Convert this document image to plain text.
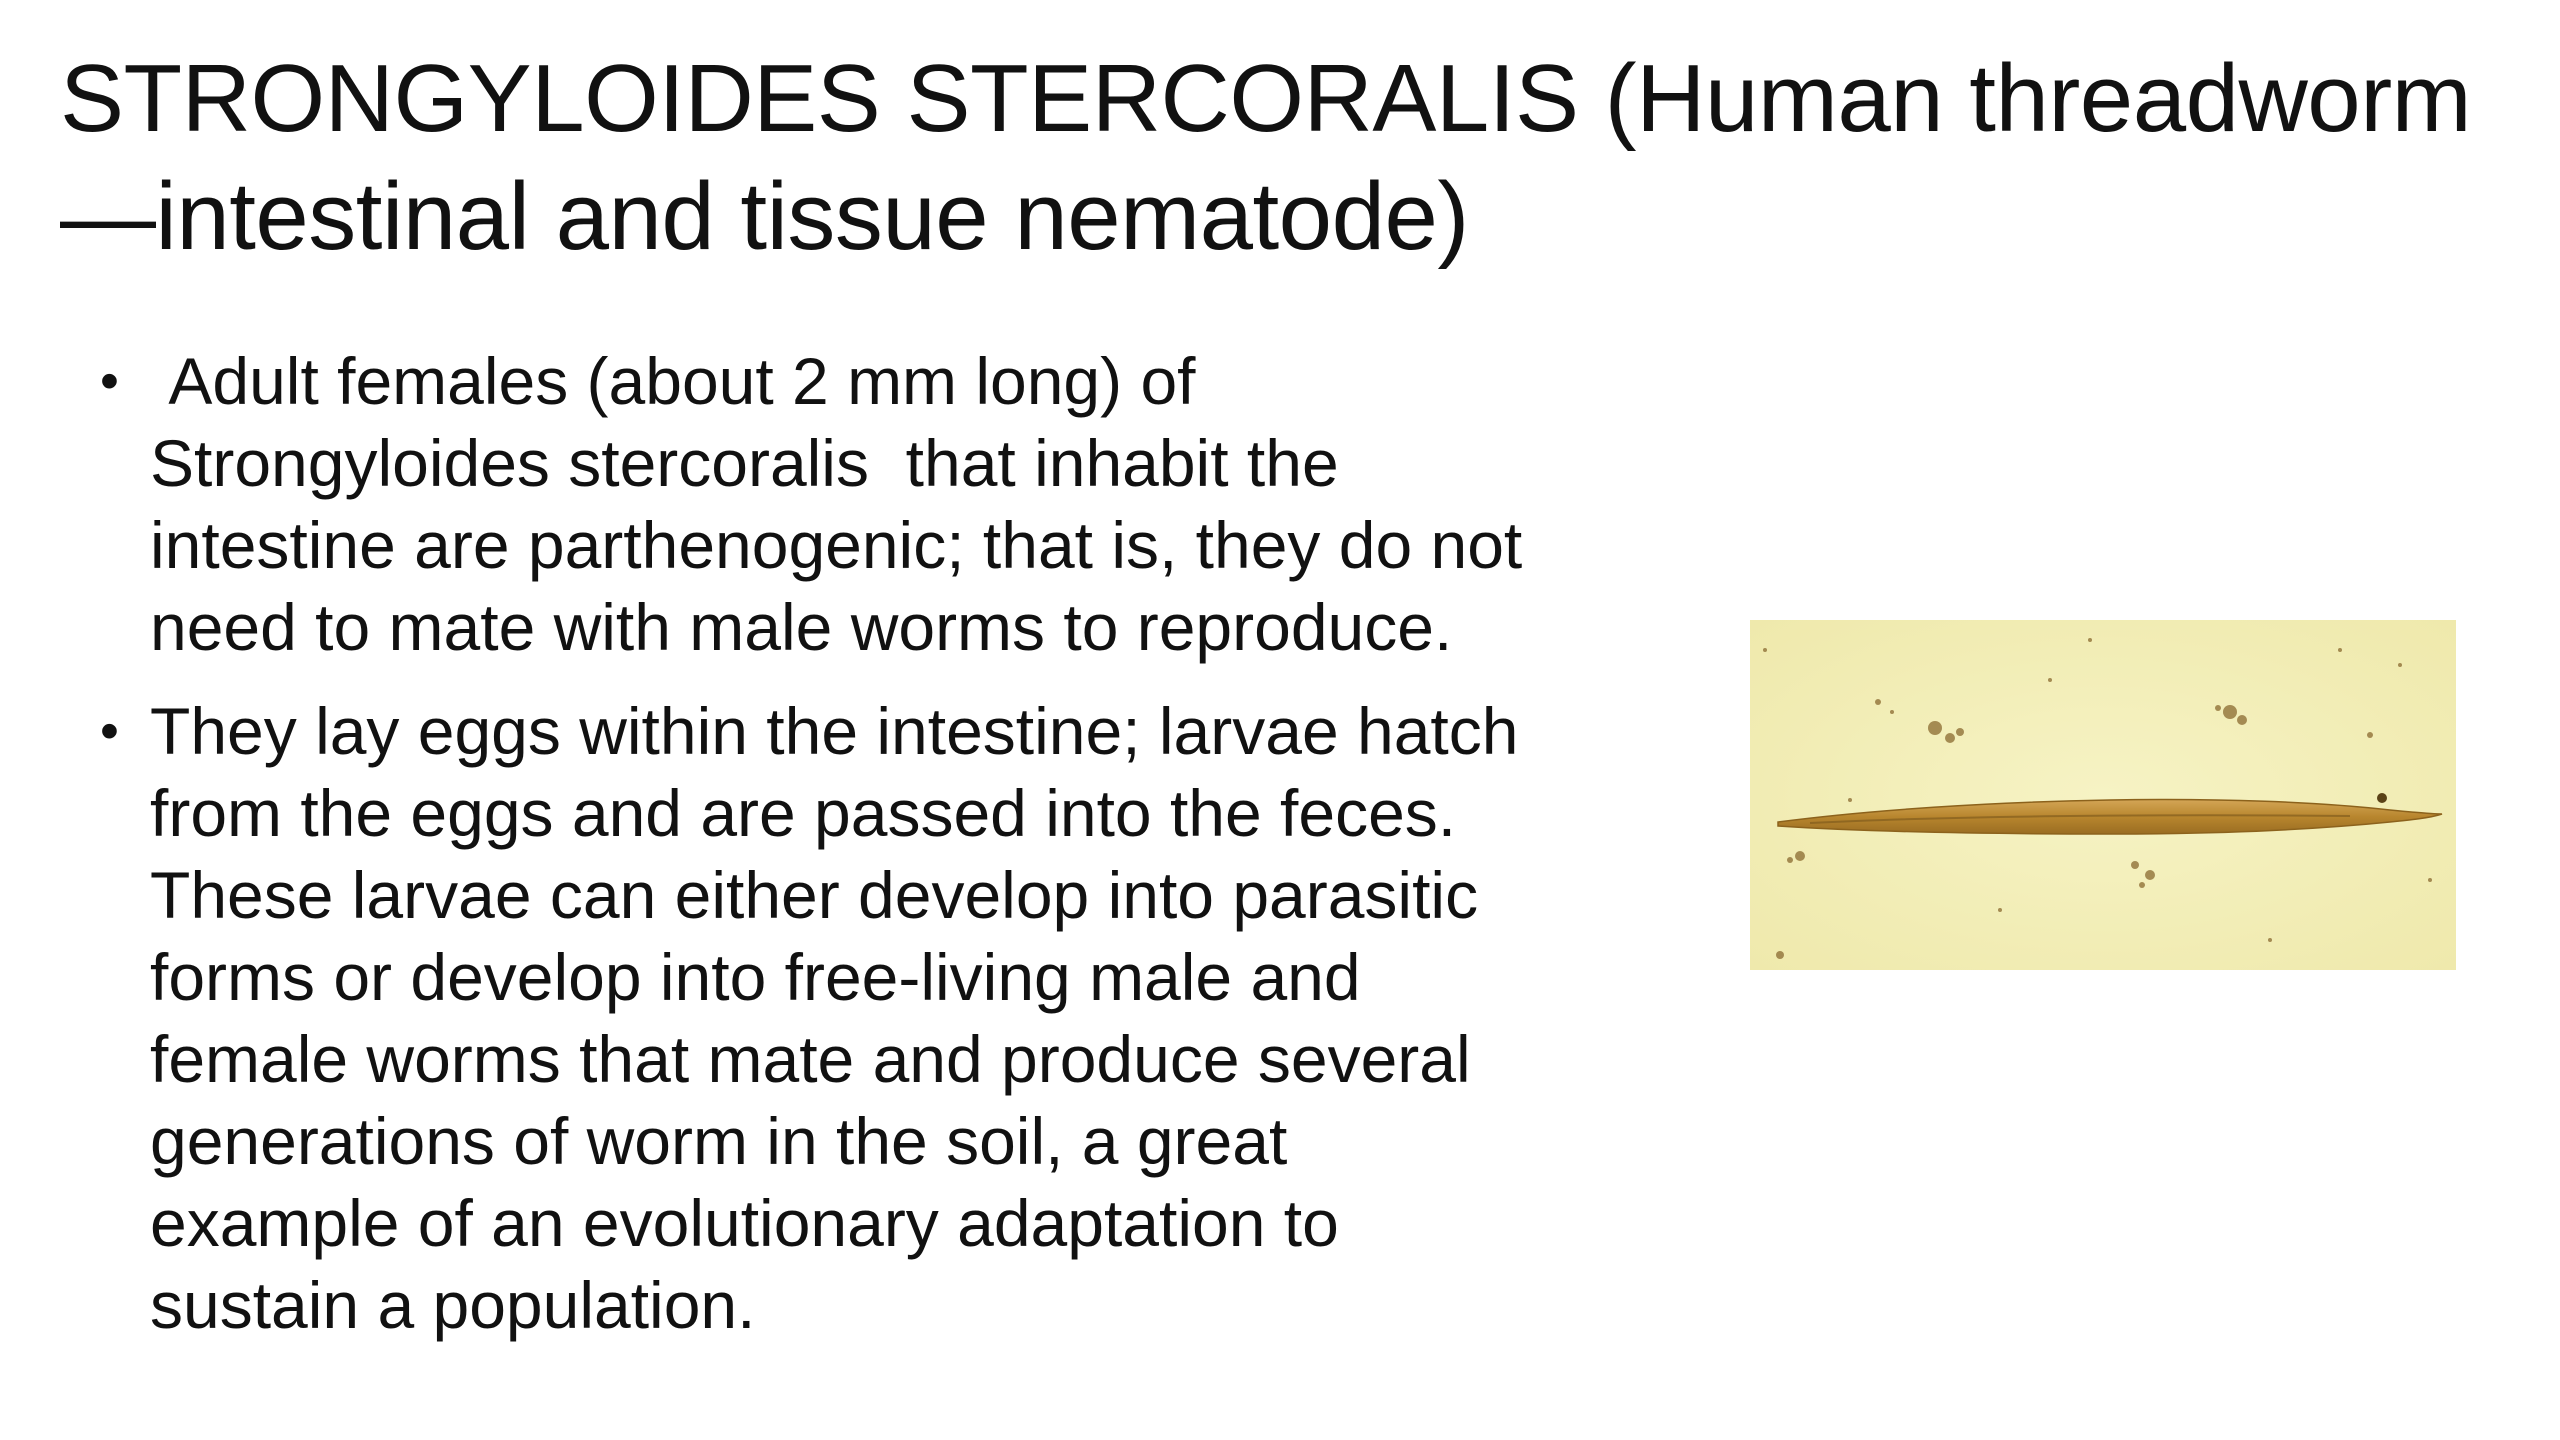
STRONGYLOIDES STERCORALIS (Human threadworm—intestinal and tissue nematode)
• Adult females (about 2 mm long) of Strongyloides stercoralis  that inhabit the intestine are parthenogenic; that is, they do not need to mate with male worms to reproduce.
• They lay eggs within the intestine; larvae hatch from the eggs and are passed into the feces. These larvae can either develop into parasitic forms or develop into free-living male and female worms that mate and produce several generations of worm in the soil, a great example of an evolutionary adaptation to sustain a population.
